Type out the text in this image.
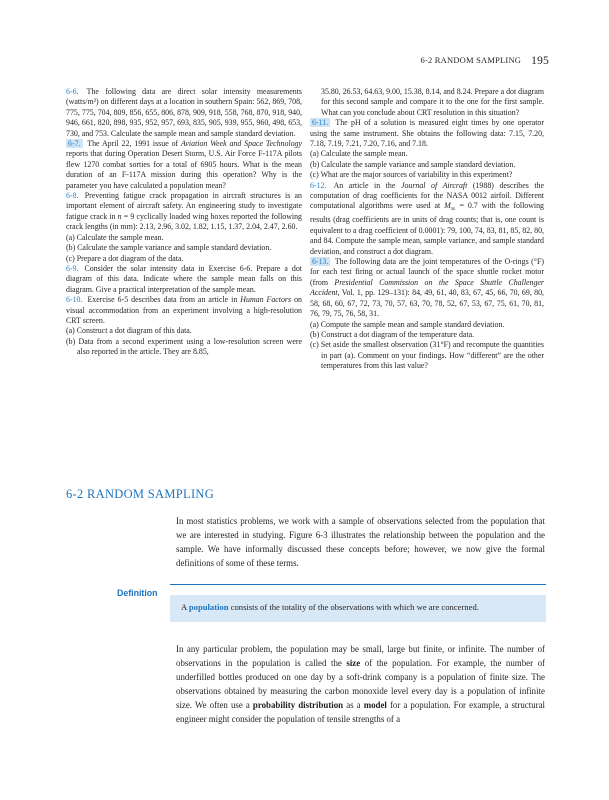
6-2 RANDOM SAMPLING 195

6-6. The following data are direct solar intensity measurements (watts/m²) on different days at a location in southern Spain: 562, 869, 708, 775, 775, 704, 809, 856, 655, 806, 878, 909, 918, 558, 768, 870, 918, 940, 946, 661, 820, 898, 935, 952, 957, 693, 835, 905, 939, 955, 960, 498, 653, 730, and 753. Calculate the sample mean and sample standard deviation.

6-7. The April 22, 1991 issue of Aviation Week and Space Technology reports that during Operation Desert Storm, U.S. Air Force F-117A pilots flew 1270 combat sorties for a total of 6905 hours. What is the mean duration of an F-117A mission during this operation? Why is the parameter you have calculated a population mean?

6-8. Preventing fatigue crack propagation in aircraft structures is an important element of aircraft safety. An engineering study to investigate fatigue crack in n = 9 cyclically loaded wing boxes reported the following crack lengths (in mm): 2.13, 2.96, 3.02, 1.82, 1.15, 1.37, 2.04, 2.47, 2.60.

(a) Calculate the sample mean.

(b) Calculate the sample variance and sample standard deviation.

(c) Prepare a dot diagram of the data.

6-9. Consider the solar intensity data in Exercise 6-6. Prepare a dot diagram of this data. Indicate where the sample mean falls on this diagram. Give a practical interpretation of the sample mean.

6-10. Exercise 6-5 describes data from an article in Human Factors on visual accommodation from an experiment involving a high-resolution CRT screen.

(a) Construct a dot diagram of this data.

(b) Data from a second experiment using a low-resolution screen were also reported in the article. They are 8.85,

35.80, 26.53, 64.63, 9.00, 15.38, 8.14, and 8.24. Prepare a dot diagram for this second sample and compare it to the one for the first sample. What can you conclude about CRT resolution in this situation?

6-11. The pH of a solution is measured eight times by one operator using the same instrument. She obtains the following data: 7.15, 7.20, 7.18, 7.19, 7.21, 7.20, 7.16, and 7.18.

(a) Calculate the sample mean.

(b) Calculate the sample variance and sample standard deviation.

(c) What are the major sources of variability in this experiment?

6-12. An article in the Journal of Aircraft (1988) describes the computation of drag coefficients for the NASA 0012 airfoil. Different computational algorithms were used at $M_\infty = 0.7$ with the following results (drag coefficients are in units of drag counts; that is, one count is equivalent to a drag coefficient of 0.0001): 79, 100, 74, 83, 81, 85, 82, 80, and 84. Compute the sample mean, sample variance, and sample standard deviation, and construct a dot diagram.

6-13. The following data are the joint temperatures of the O-rings (°F) for each test firing or actual launch of the space shuttle rocket motor (from Presidential Commission on the Space Shuttle Challenger Accident, Vol. 1, pp. 129–131): 84, 49, 61, 40, 83, 67, 45, 66, 70, 69, 80, 58, 68, 60, 67, 72, 73, 70, 57, 63, 70, 78, 52, 67, 53, 67, 75, 61, 70, 81, 76, 79, 75, 76, 58, 31.

(a) Compute the sample mean and sample standard deviation.

(b) Construct a dot diagram of the temperature data.

(c) Set aside the smallest observation (31°F) and recompute the quantities in part (a). Comment on your findings. How “different” are the other temperatures from this last value?

6-2 RANDOM SAMPLING
In most statistics problems, we work with a sample of observations selected from the population that we are interested in studying. Figure 6-3 illustrates the relationship between the population and the sample. We have informally discussed these concepts before; however, we now give the formal definitions of some of these terms.
Definition
A population consists of the totality of the observations with which we are concerned.
In any particular problem, the population may be small, large but finite, or infinite. The number of observations in the population is called the size of the population. For example, the number of underfilled bottles produced on one day by a soft-drink company is a population of finite size. The observations obtained by measuring the carbon monoxide level every day is a population of infinite size. We often use a probability distribution as a model for a population. For example, a structural engineer might consider the population of tensile strengths of a
